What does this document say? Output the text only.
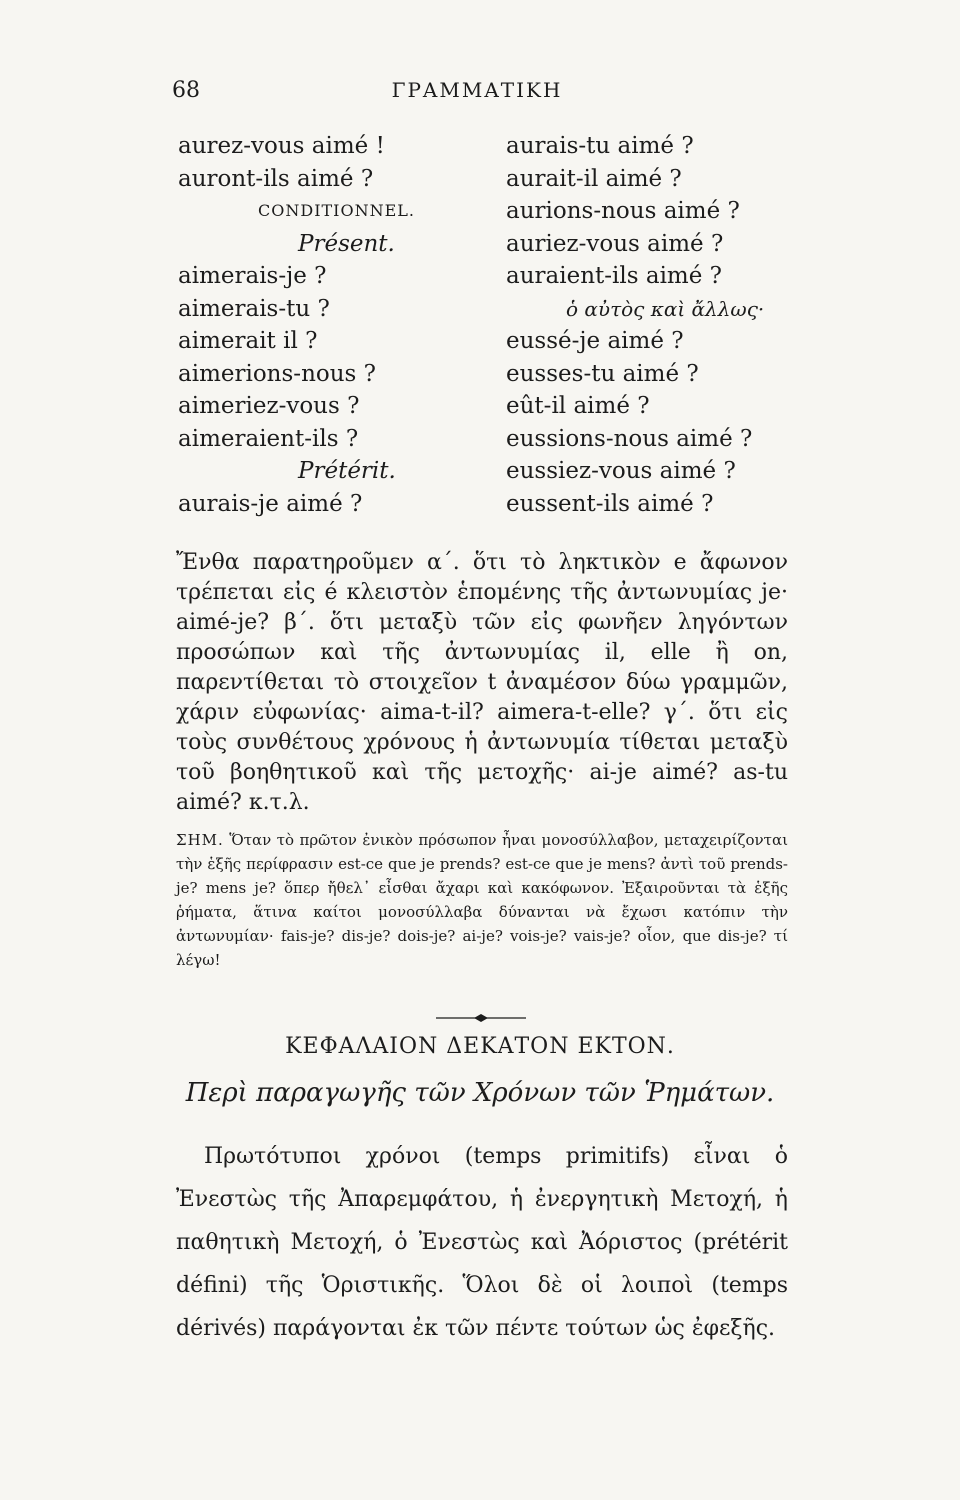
68	ΓΡΑΜΜΑΤΙΚΗ
aurez-vous aimé !
auront-ils aimé ?
CONDITIONNEL.
Présent.
aimerais-je ?
aimerais-tu ?
aimerait il ?
aimerions-nous ?
aimeriez-vous ?
aimeraient-ils ?
Prétérit.
aurais-je aimé ?
aurais-tu aimé ?
aurait-il aimé ?
aurions-nous aimé ?
auriez-vous aimé ?
auraient-ils aimé ?
ὁ αὐτὸς καὶ ἄλλως·
eussé-je aimé ?
eusses-tu aimé ?
eût-il aimé ?
eussions-nous aimé ?
eussiez-vous aimé ?
eussent-ils aimé ?

Ἔνθα παρατηροῦμεν α΄. ὅτι τὸ ληκτικὸν e ἄφωνον τρέπεται εἰς é κλειστὸν ἑπομένης τῆς ἀντωνυμίας je· aimé-je? β΄. ὅτι μεταξὺ τῶν εἰς φωνῆεν ληγόντων προσώπων καὶ τῆς ἀντωνυμίας il, elle ἢ on, παρεντίθεται τὸ στοιχεῖον t ἀναμέσον δύω γραμμῶν, χάριν εὐφωνίας· aima-t-il? aimera-t-elle? γ΄. ὅτι εἰς τοὺς συνθέτους χρόνους ἡ ἀντωνυμία τίθεται μεταξὺ τοῦ βοηθητικοῦ καὶ τῆς μετοχῆς· ai-je aimé? as-tu aimé? κ.τ.λ.

ΣΗΜ. Ὅταν τὸ πρῶτον ἐνικὸν πρόσωπον ἦναι μονοσύλλαβον, μεταχειρίζονται τὴν ἑξῆς περίφρασιν est-ce que je prends? est-ce que je mens? ἀντὶ τοῦ prends-je? mens je? ὅπερ ἤθελ᾽ εἶσθαι ἄχαρι καὶ κακόφωνον. Ἐξαιροῦνται τὰ ἑξῆς ῥήματα, ἅτινα καίτοι μονοσύλλαβα δύνανται νὰ ἔχωσι κατόπιν τὴν ἀντωνυμίαν· fais-je? dis-je? dois-je? ai-je? vois-je? vais-je? οἷον, que dis-je? τί λέγω!

ΚΕΦΑΛΑΙΟΝ ΔΕΚΑΤΟΝ ΕΚΤΟΝ.
Περὶ παραγωγῆς τῶν Χρόνων τῶν Ῥημάτων.

Πρωτότυποι χρόνοι (temps primitifs) εἶναι ὁ Ἐνεστὼς τῆς Ἀπαρεμφάτου, ἡ ἐνεργητικὴ Μετοχή, ἡ παθητικὴ Μετοχή, ὁ Ἐνεστὼς καὶ Ἀόριστος (prétérit défini) τῆς Ὁριστικῆς. Ὅλοι δὲ οἱ λοιποὶ (temps dérivés) παράγονται ἐκ τῶν πέντε τούτων ὡς ἐφεξῆς.
